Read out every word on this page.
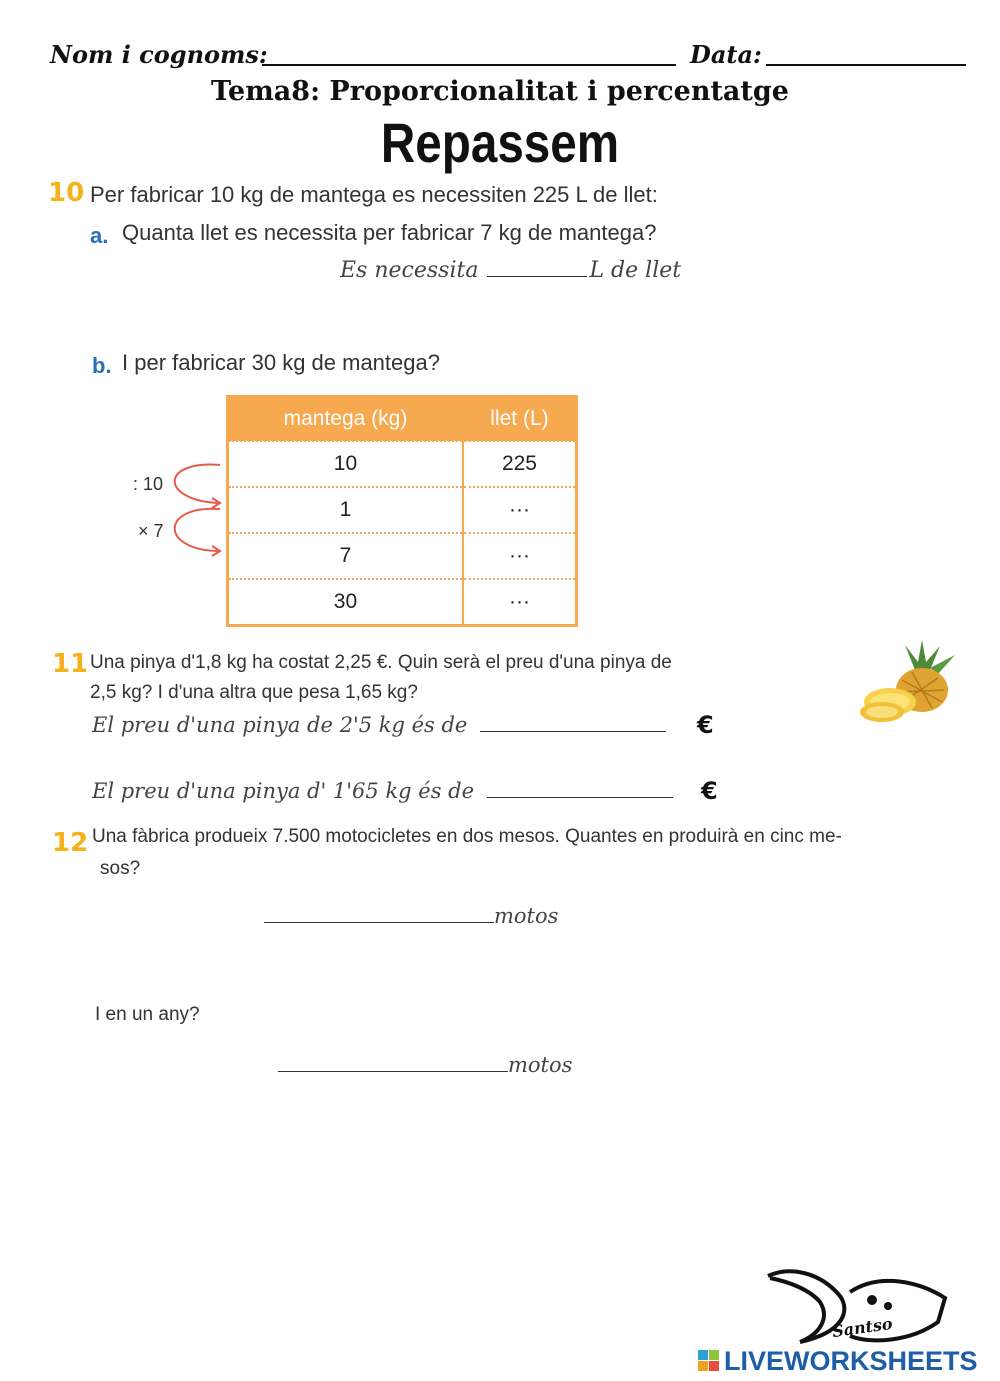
Nom i cognoms:	Data:
Tema8: Proporcionalitat i percentatge
Repassem
10 Per fabricar 10 kg de mantega es necessiten 225 L de llet:
a. Quanta llet es necessita per fabricar 7 kg de mantega?
Es necessita	L de llet
b. I per fabricar 30 kg de mantega?
: 10
× 7
mantega (kg)	llet (L)
10	225
1	···
7	···
30	···
11 Una pinya d'1,8 kg ha costat 2,25 €. Quin serà el preu d'una pinya de
2,5 kg? I d'una altra que pesa 1,65 kg?
El preu d'una pinya de 2'5 kg és de	€
El preu d'una pinya d' 1'65 kg és de	€
12 Una fàbrica produeix 7.500 motocicletes en dos mesos. Quantes en produirà en cinc me-
sos?
motos
I en un any?
motos
Santso
LIVEWORKSHEETS
